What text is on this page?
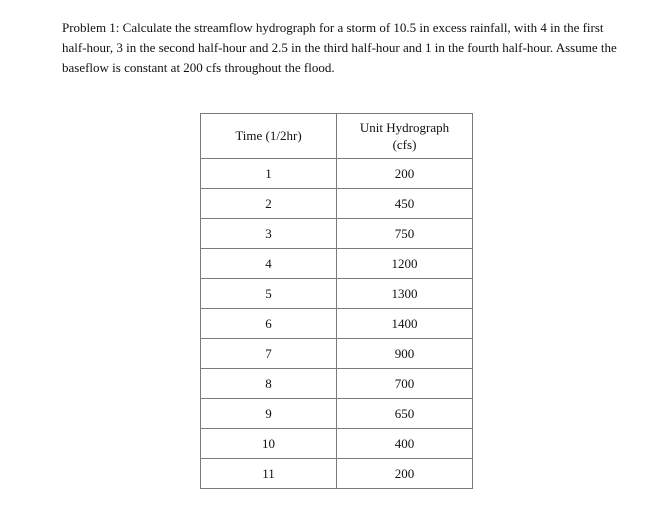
Problem 1: Calculate the streamflow hydrograph for a storm of 10.5 in excess rainfall, with 4 in the first half-hour, 3 in the second half-hour and 2.5 in the third half-hour and 1 in the fourth half-hour. Assume the baseflow is constant at 200 cfs throughout the flood.

Time (1/2hr)	Unit Hydrograph
(cfs)

1	200
2	450
3	750
4	1200
5	1300
6	1400
7	900
8	700
9	650
10	400
11	200
